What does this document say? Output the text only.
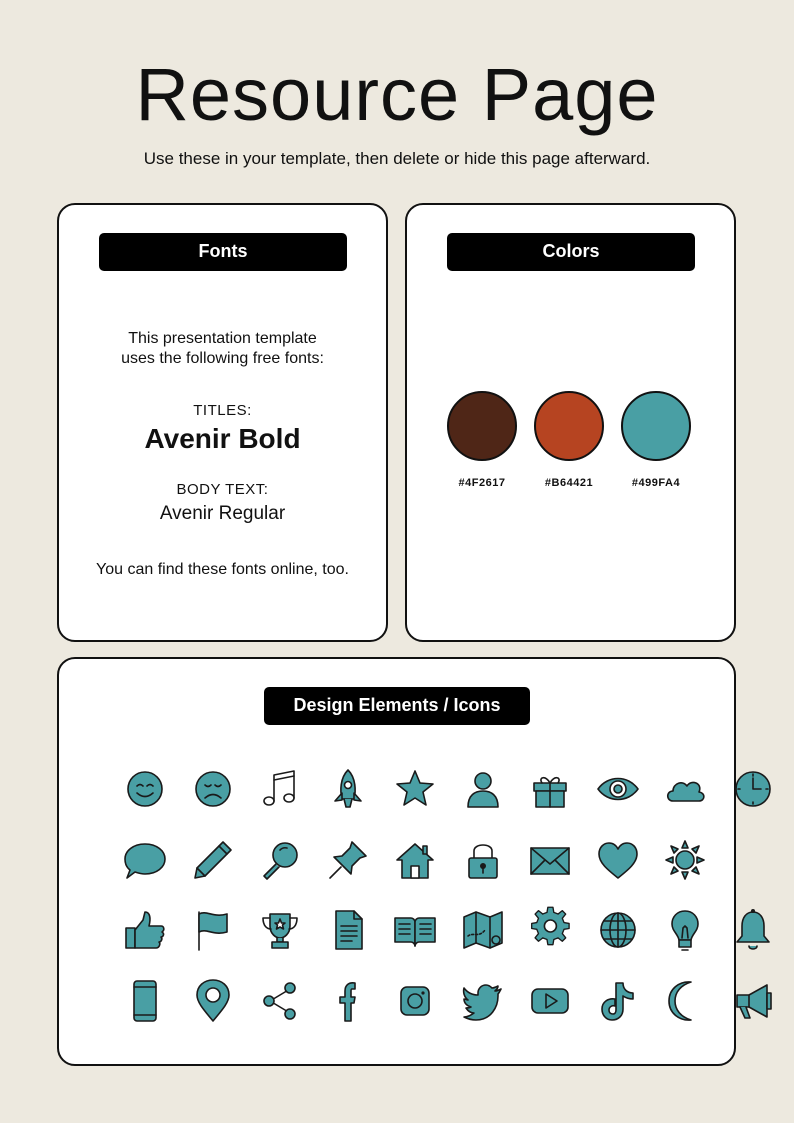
Resource Page
Use these in your template, then delete or hide this page afterward.
Fonts
This presentation template
uses the following free fonts:
TITLES:
Avenir Bold
BODY TEXT:
Avenir Regular
You can find these fonts online, too.
Colors
#4F2617	#B64421	#499FA4
Design Elements / Icons
